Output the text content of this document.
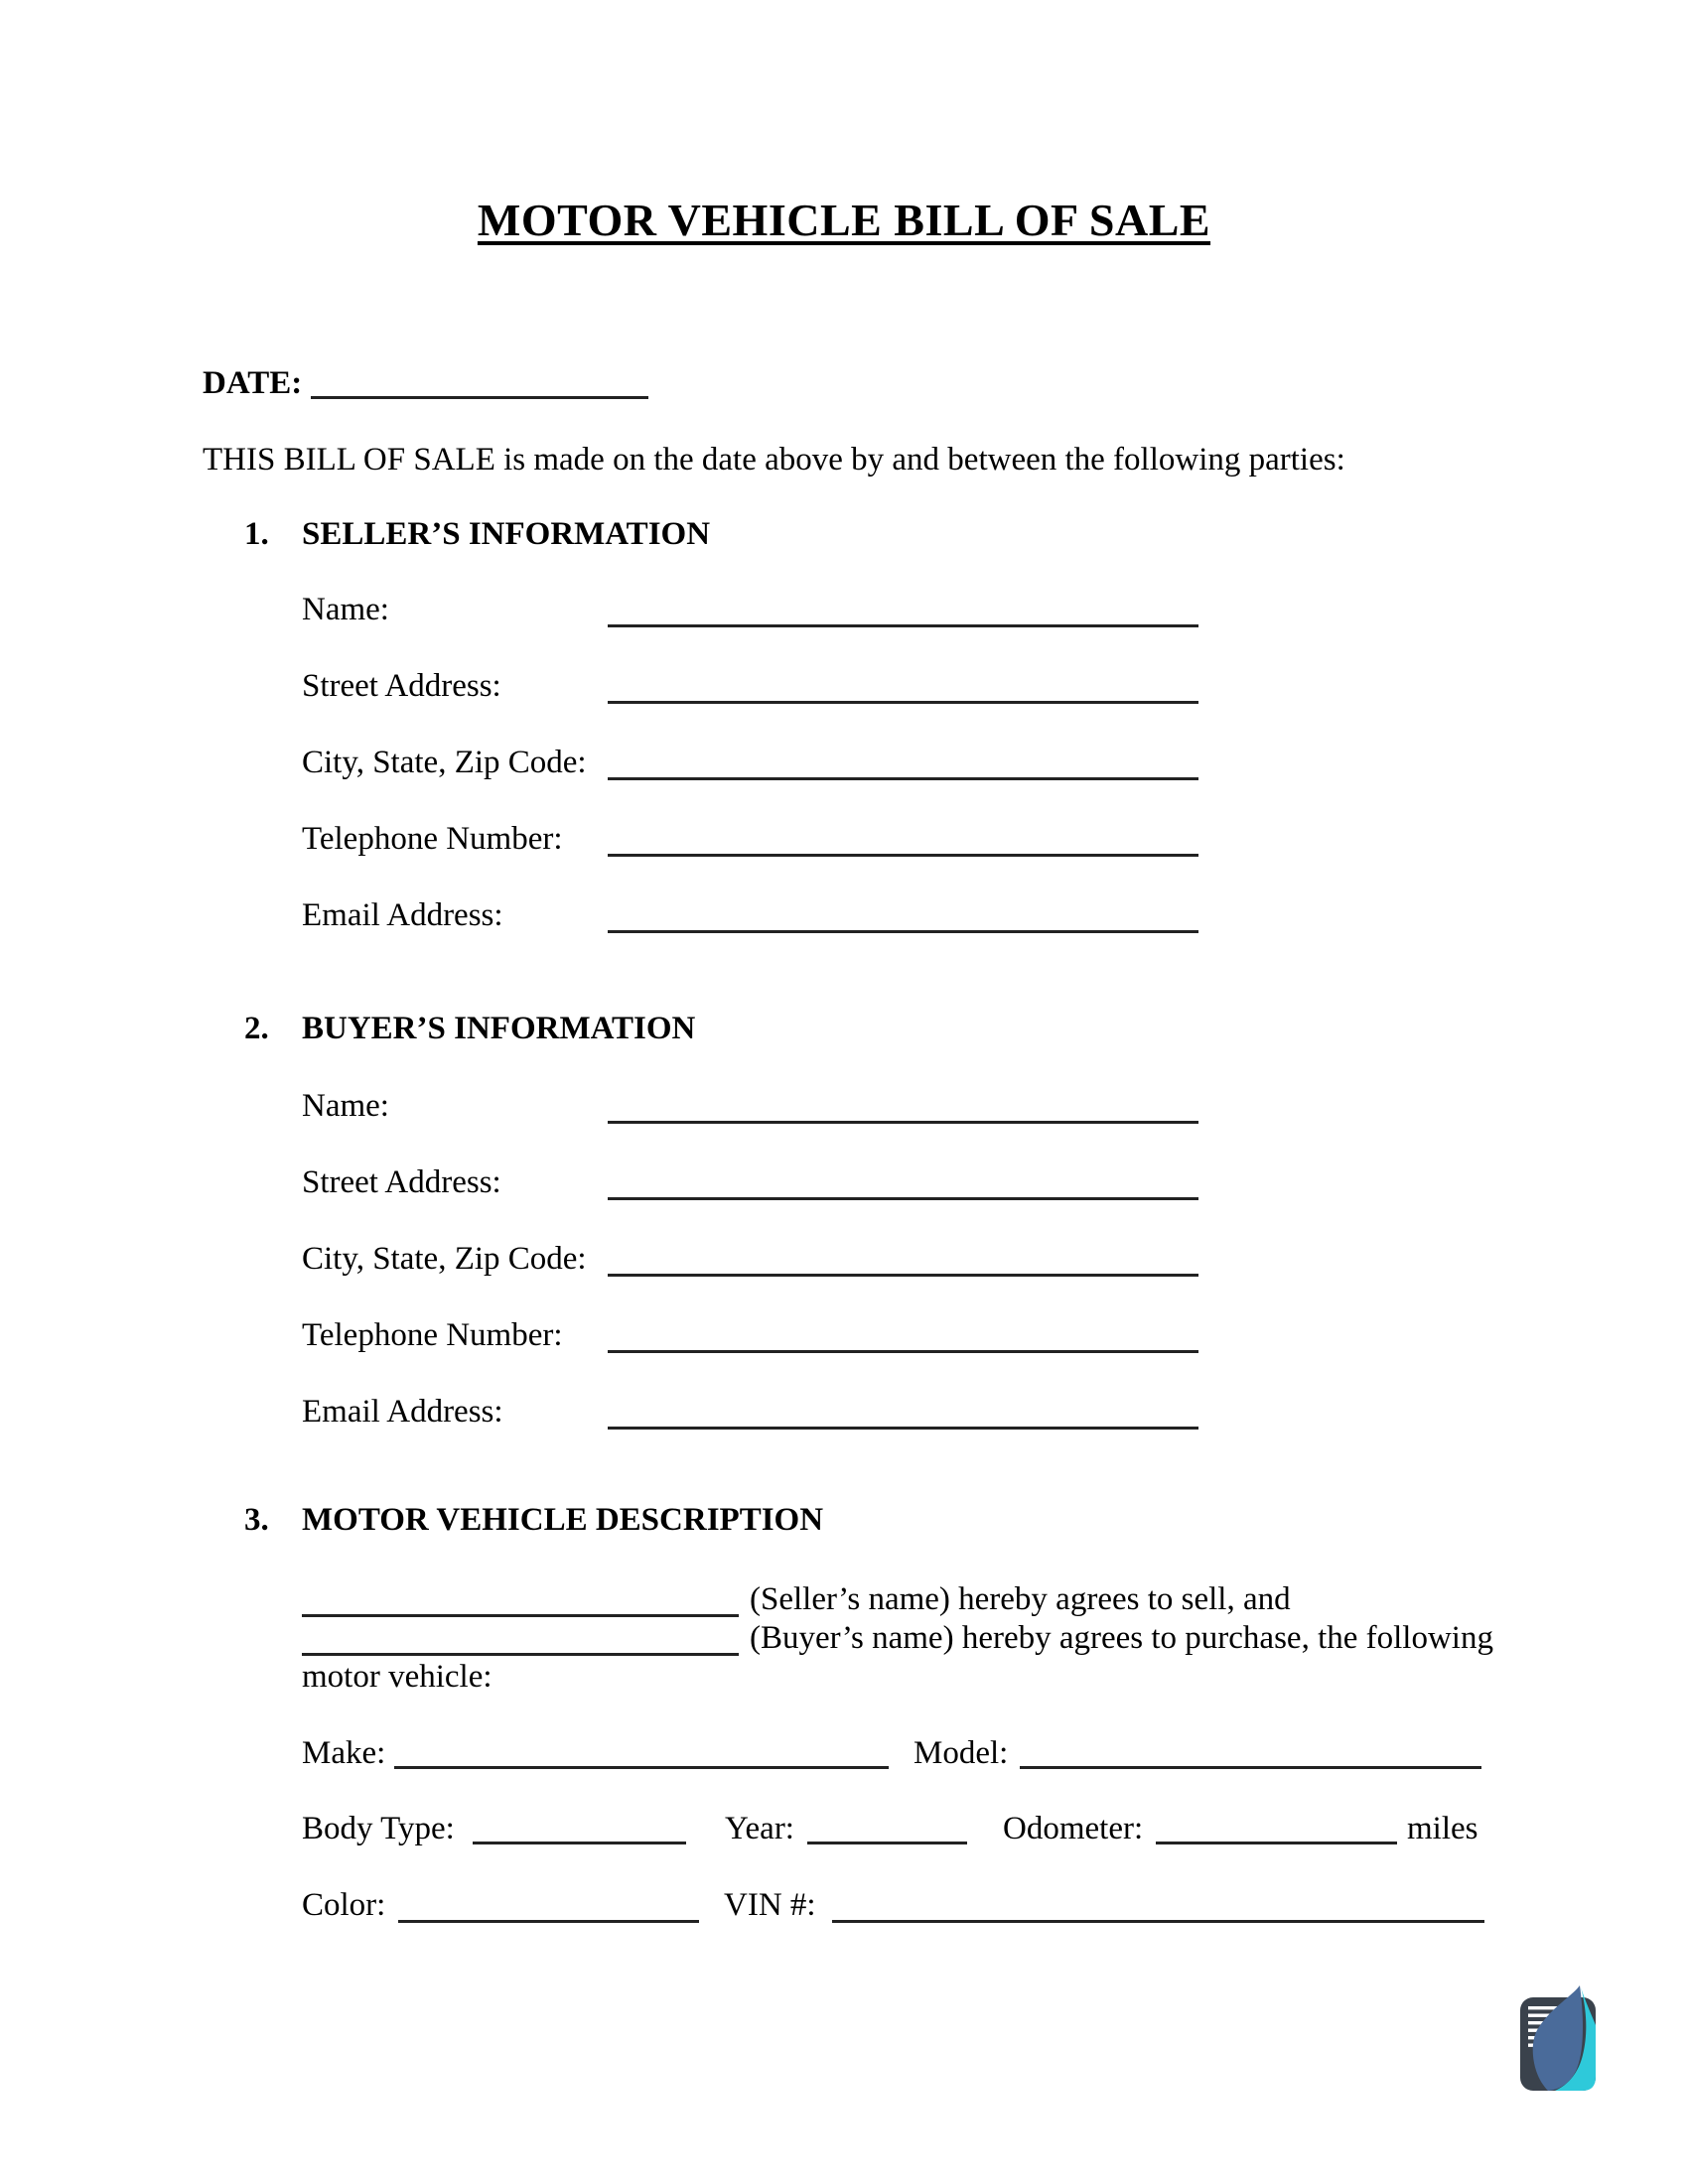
MOTOR VEHICLE BILL OF SALE
DATE:
THIS BILL OF SALE is made on the date above by and between the following parties:
1.	SELLER’S INFORMATION
Name:
Street Address:
City, State, Zip Code:
Telephone Number:
Email Address:
2.	BUYER’S INFORMATION
Name:
Street Address:
City, State, Zip Code:
Telephone Number:
Email Address:
3.	MOTOR VEHICLE DESCRIPTION
(Seller’s name) hereby agrees to sell, and
(Buyer’s name) hereby agrees to purchase, the following
motor vehicle:
Make:	Model:
Body Type:	Year:	Odometer:	miles
Color:	VIN #:
